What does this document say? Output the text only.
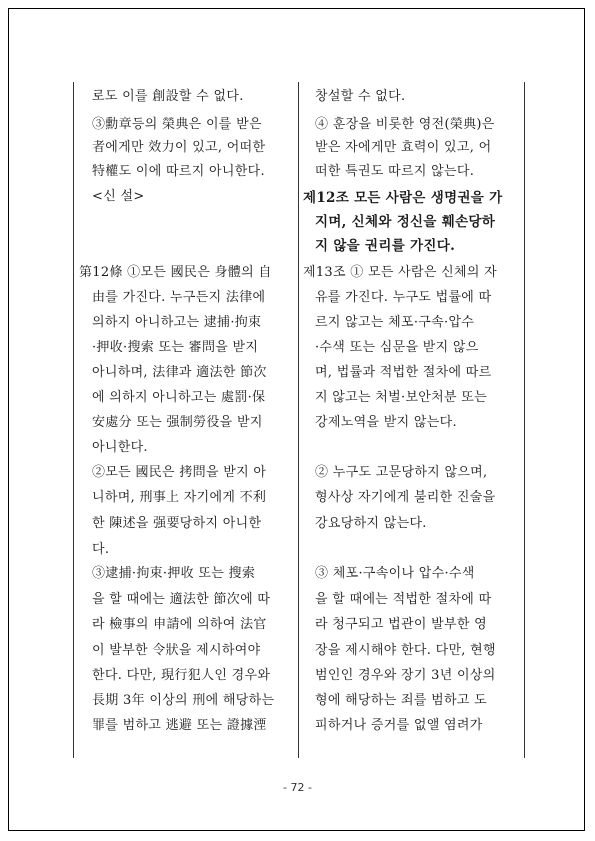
로도 이를 創設할 수 없다.
③勳章등의 榮典은 이를 받은
者에게만 效力이 있고, 어떠한
特權도 이에 따르지 아니한다.
<신 설>
第12條 ①모든 國民은 身體의 自
由를 가진다. 누구든지 法律에
의하지 아니하고는 逮捕·拘束
·押收·搜索 또는 審問을 받지
아니하며, 法律과 適法한 節次
에 의하지 아니하고는 處罰·保
安處分 또는 强制勞役을 받지
아니한다.
②모든 國民은 拷問을 받지 아
니하며, 刑事上 자기에게 不利
한 陳述을 强要당하지 아니한
다.
③逮捕·拘束·押收 또는 搜索
을 할 때에는 適法한 節次에 따
라 檢事의 申請에 의하여 法官
이 발부한 令狀을 제시하여야
한다. 다만, 現行犯人인 경우와
長期 3年 이상의 刑에 해당하는
罪를 범하고 逃避 또는 證據湮
창설할 수 없다.
④ 훈장을 비롯한 영전(榮典)은
받은 자에게만 효력이 있고, 어
떠한 특권도 따르지 않는다.
제12조 모든 사람은 생명권을 가
지며, 신체와 정신을 훼손당하
지 않을 권리를 가진다.
제13조 ① 모든 사람은 신체의 자
유를 가진다. 누구도 법률에 따
르지 않고는 체포·구속·압수
·수색 또는 심문을 받지 않으
며, 법률과 적법한 절차에 따르
지 않고는 처벌·보안처분 또는
강제노역을 받지 않는다.
② 누구도 고문당하지 않으며,
형사상 자기에게 불리한 진술을
강요당하지 않는다.
③ 체포·구속이나 압수·수색
을 할 때에는 적법한 절차에 따
라 청구되고 법관이 발부한 영
장을 제시해야 한다. 다만, 현행
범인인 경우와 장기 3년 이상의
형에 해당하는 죄를 범하고 도
피하거나 증거를 없앨 염려가
- 72 -
